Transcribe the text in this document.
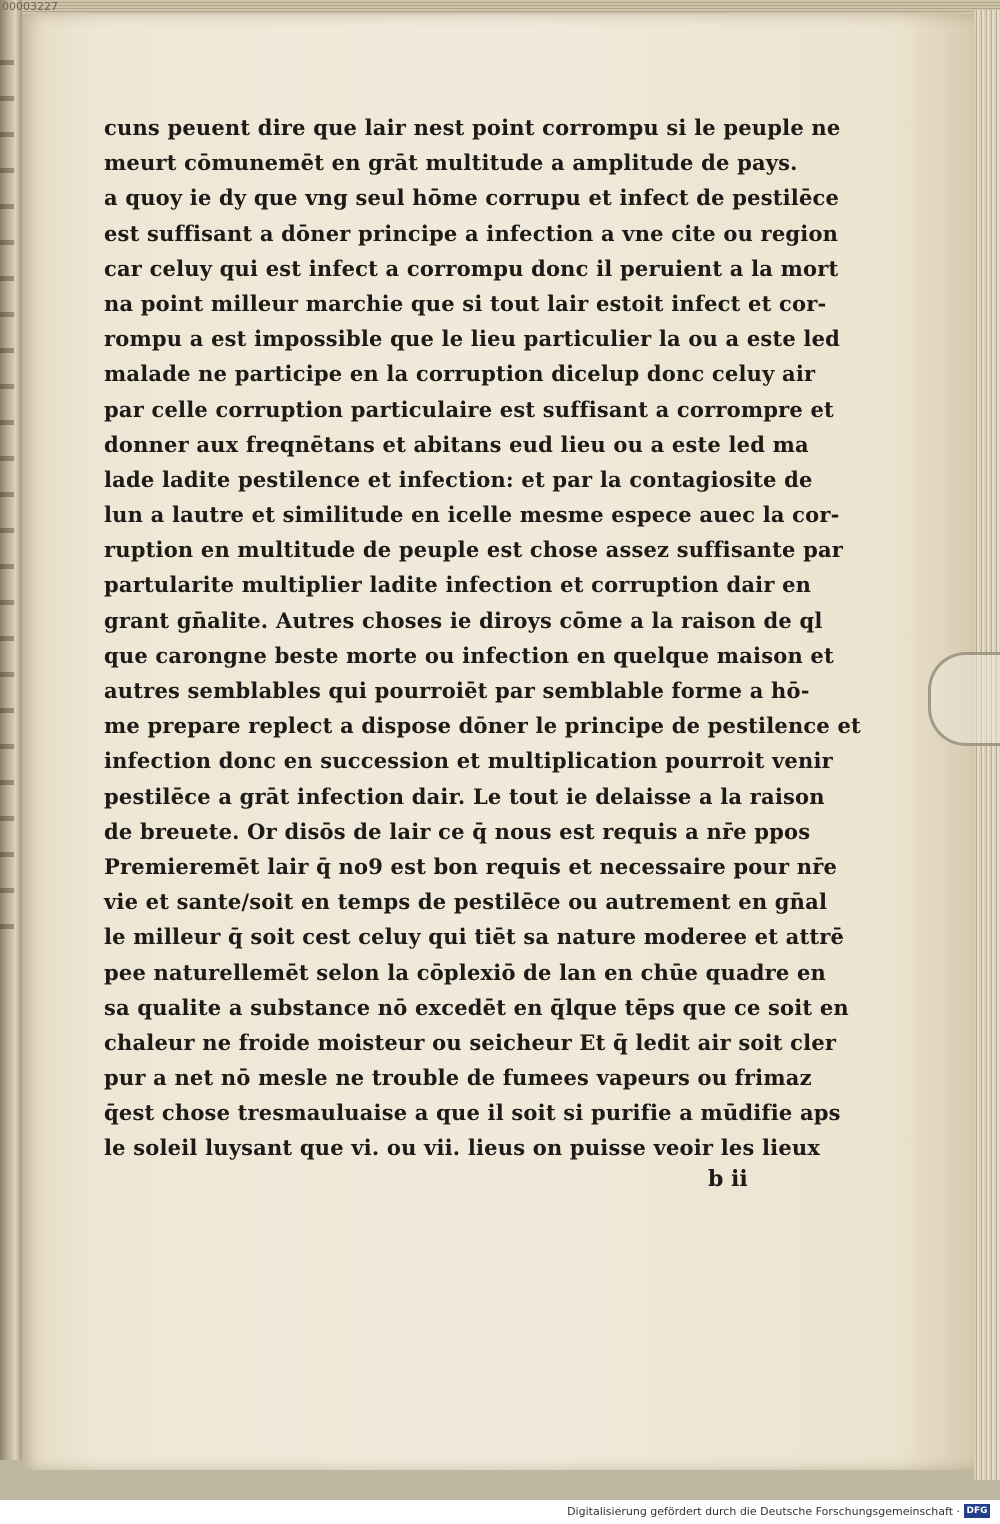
00003227
cuns peuent dire que lair nest point corrompu si le peuple ne
meurt cōmunemēt en grāt multitude a amplitude de pays.
a quoy ie dy que vng seul hōme corrupu et infect de pestilēce
est suffisant a dōner principe a infection a vne cite ou region
car celuy qui est infect a corrompu donc il peruient a la mort
na point milleur marchie que si tout lair estoit infect et cor-
rompu a est impossible que le lieu particulier la ou a este led
malade ne participe en la corruption dicelup donc celuy air
par celle corruption particulaire est suffisant a corrompre et
donner aux freqnētans et abitans eud lieu ou a este led ma
lade ladite pestilence et infection: et par la contagiosite de
lun a lautre et similitude en icelle mesme espece auec la cor-
ruption en multitude de peuple est chose assez suffisante par
partularite multiplier ladite infection et corruption dair en
grant gn̄alite. Autres choses ie diroys cōme a la raison de ql
que carongne beste morte ou infection en quelque maison et
autres semblables qui pourroiēt par semblable forme a hō-
me prepare replect a dispose dōner le principe de pestilence et
infection donc en succession et multiplication pourroit venir
pestilēce a grāt infection dair. Le tout ie delaisse a la raison
de breuete. Or disōs de lair ce q̄ nous est requis a nr̄e ppos
Premieremēt lair q̄ no9 est bon requis et necessaire pour nr̄e
vie et sante/soit en temps de pestilēce ou autrement en gn̄al
le milleur q̄ soit cest celuy qui tiēt sa nature moderee et attrē
pee naturellemēt selon la cōplexiō de lan en chūe quadre en
sa qualite a substance nō excedēt en q̄lque tēps que ce soit en
chaleur ne froide moisteur ou seicheur Et q̄ ledit air soit cler
pur a net nō mesle ne trouble de fumees vapeurs ou frimaz
q̄est chose tresmauluaise a que il soit si purifie a mūdifie aps
le soleil luysant que vi. ou vii. lieus on puisse veoir les lieux
b ii
Digitalisierung gefördert durch die Deutsche Forschungsgemeinschaft · DFG
